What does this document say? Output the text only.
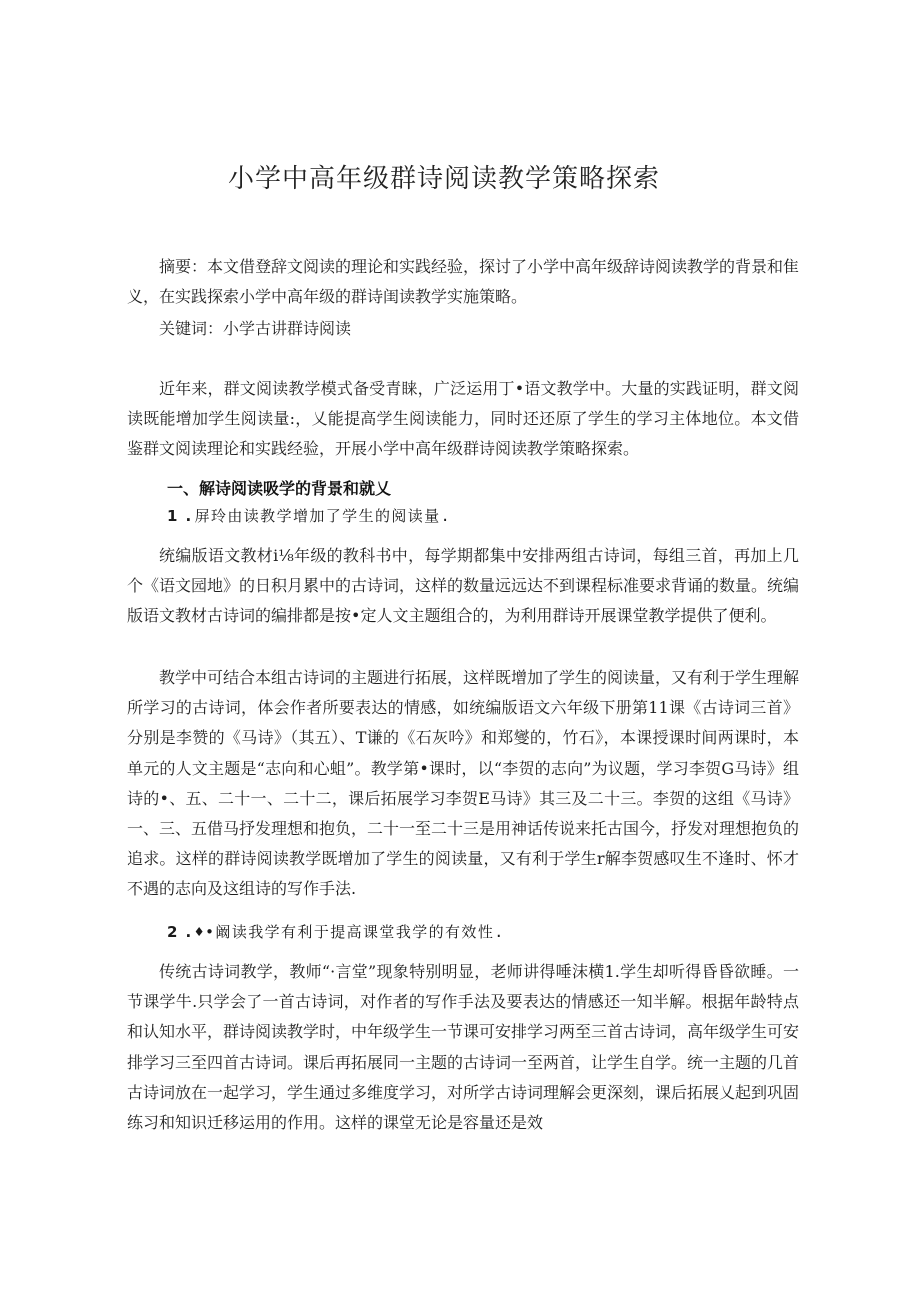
小学中高年级群诗阅读教学策略探索

摘要：本文借登辞文阅读的理论和实践经验，探讨了小学中高年级辞诗阅读教学的背景和隹义，在实践探索小学中高年级的群诗闺读教学实施策略。

关键词：小学古讲群诗阅读

近年来，群文阅读教学模式备受青睐，广泛运用丁•语文教学中。大量的实践证明，群文阅读既能增加学生阅读量:，乂能提高学生阅读能力，同时还还原了学生的学习主体地位。本文借鉴群文阅读理论和实践经验，开展小学中高年级群诗阅读教学策略探索。

一、解诗阅读吸学的背景和就乂
1 . 屏玲由读教学增加了学生的阅读量.

统编版语文教材i⅛年级的教科书中，每学期都集中安排两组古诗词，每组三首，再加上几个《语文园地》的日积月累中的古诗词，这样的数量远远达不到课程标准要求背诵的数量。统编版语文教材古诗词的编排都是按•定人文主题组合的，为利用群诗开展课堂教学提供了便利。

教学中可结合本组古诗词的主题进行拓展，这样既增加了学生的阅读量，又有利于学生理解所学习的古诗词，体会作者所要表达的情感，如统编版语文六年级下册第11课《古诗词三首》分别是李赞的《马诗》（其五）、T谦的《石灰吟》和郑燮的，竹石》，本课授课时间两课时，本单元的人文主题是“志向和心蛆”。教学第•课时，以“李贺的志向”为议题，学习李贺G马诗》组诗的•、五、二十一、二十二，课后拓展学习李贺E马诗》其三及二十三。李贺的这组《马诗》一、三、五借马抒发理想和抱负，二十一至二十三是用神话传说来托古国今，抒发对理想抱负的追求。这样的群诗阅读教学既增加了学生的阅读量，又有利于学生r解李贺感叹生不逢时、怀才不遇的志向及这组诗的写作手法.

2 . ♦•阚读我学有利于提高课堂我学的有效性.

传统古诗词教学，教师“·言堂”现象特别明显，老师讲得唾沫横1.学生却听得昏昏欲睡。一节课学牛.只学会了一首古诗词，对作者的写作手法及要表达的情感还一知半解。根据年龄特点和认知水平，群诗阅读教学时，中年级学生一节课可安排学习两至三首古诗词，高年级学生可安排学习三至四首古诗词。课后再拓展同一主题的古诗词一至两首，让学生自学。统一主题的几首古诗词放在一起学习，学生通过多维度学习，对所学古诗词理解会更深刻，课后拓展乂起到巩固练习和知识迁移运用的作用。这样的课堂无论是容量还是效
